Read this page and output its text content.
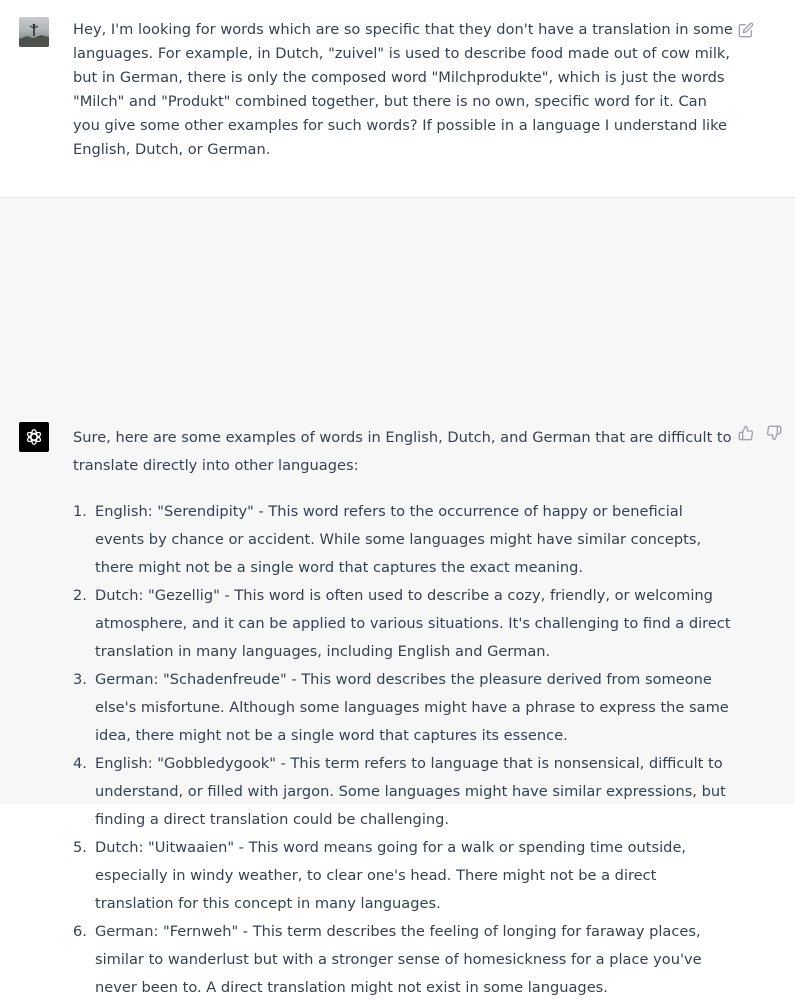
Hey, I'm looking for words which are so specific that they don't have a translation in some languages. For example, in Dutch, "zuivel" is used to describe food made out of cow milk, but in German, there is only the composed word "Milchprodukte", which is just the words "Milch" and "Produkt" combined together, but there is no own, specific word for it. Can you give some other examples for such words? If possible in a language I understand like English, Dutch, or German.

Sure, here are some examples of words in English, Dutch, and German that are difficult to translate directly into other languages:

1. English: "Serendipity" - This word refers to the occurrence of happy or beneficial events by chance or accident. While some languages might have similar concepts, there might not be a single word that captures the exact meaning.
2. Dutch: "Gezellig" - This word is often used to describe a cozy, friendly, or welcoming atmosphere, and it can be applied to various situations. It's challenging to find a direct translation in many languages, including English and German.
3. German: "Schadenfreude" - This word describes the pleasure derived from someone else's misfortune. Although some languages might have a phrase to express the same idea, there might not be a single word that captures its essence.
4. English: "Gobbledygook" - This term refers to language that is nonsensical, difficult to understand, or filled with jargon. Some languages might have similar expressions, but finding a direct translation could be challenging.
5. Dutch: "Uitwaaien" - This word means going for a walk or spending time outside, especially in windy weather, to clear one's head. There might not be a direct translation for this concept in many languages.
6. German: "Fernweh" - This term describes the feeling of longing for faraway places, similar to wanderlust but with a stronger sense of homesickness for a place you've never been to. A direct translation might not exist in some languages.
